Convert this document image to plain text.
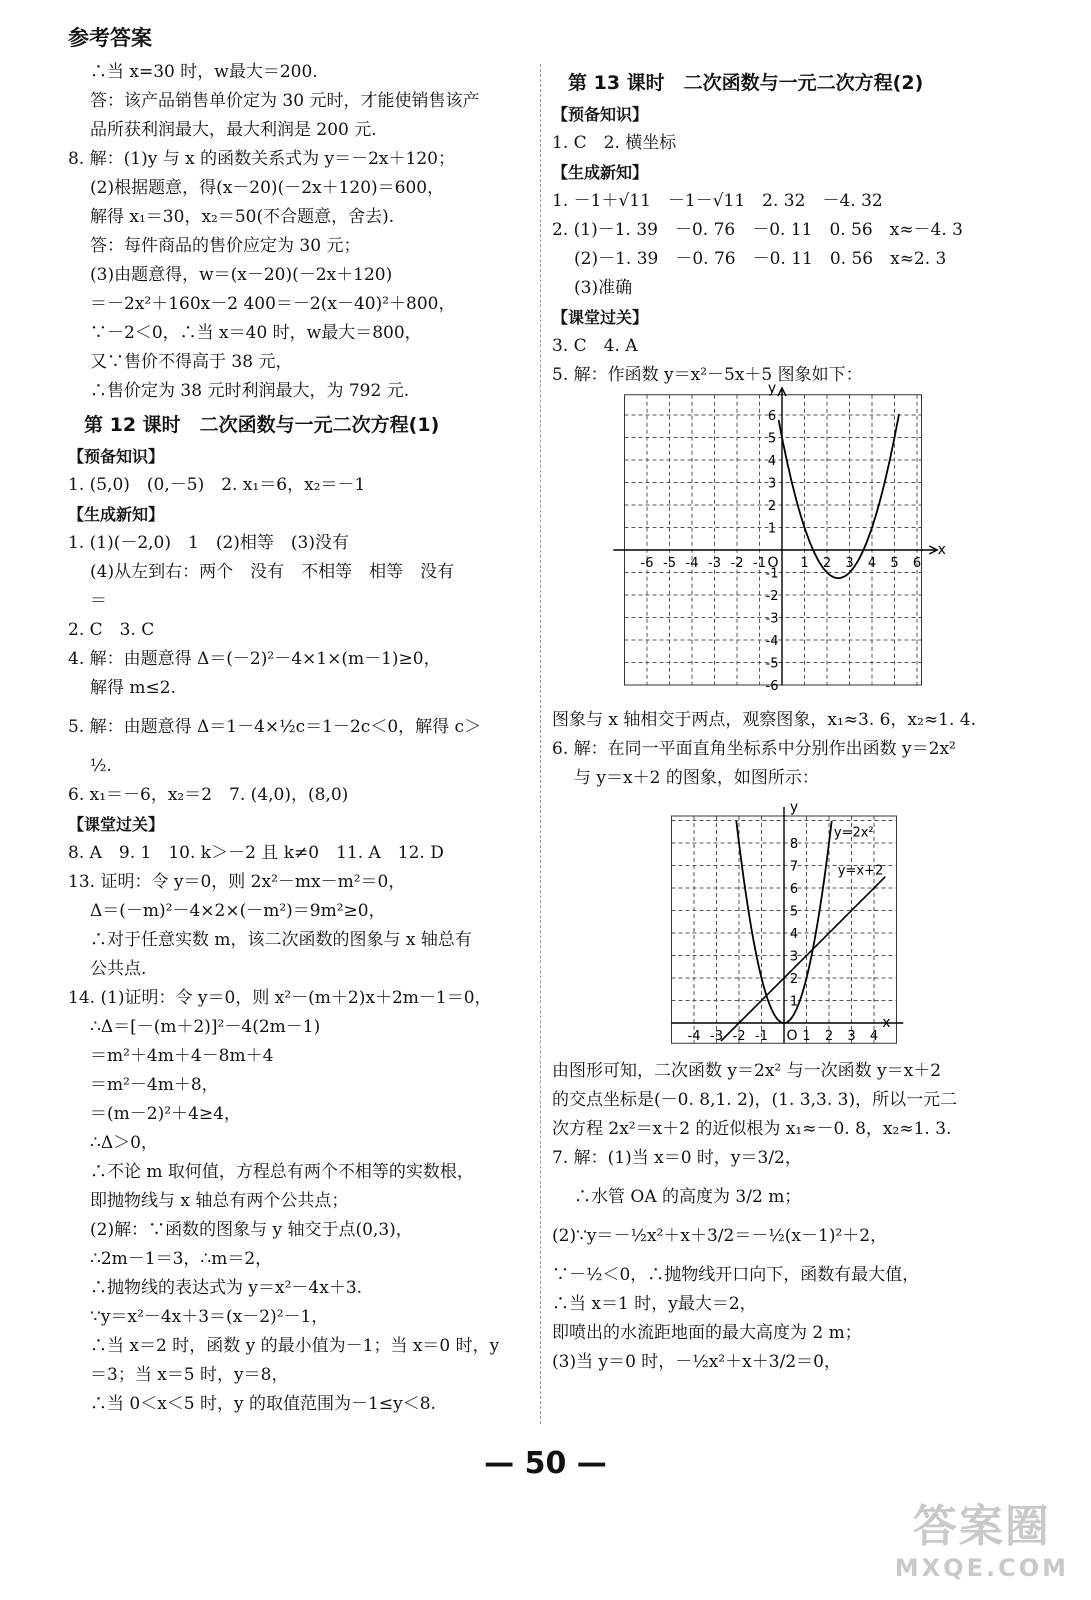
参考答案
∴当 x=30 时，w最大＝200.
答：该产品销售单价定为 30 元时，才能使销售该产
品所获利润最大，最大利润是 200 元.
8. 解：(1)y 与 x 的函数关系式为 y＝－2x＋120；
(2)根据题意，得(x－20)(－2x＋120)＝600，
解得 x₁＝30，x₂＝50(不合题意，舍去).
答：每件商品的售价应定为 30 元；
(3)由题意得，w＝(x－20)(－2x＋120)
＝－2x²＋160x－2 400＝－2(x－40)²＋800，
∵－2＜0，∴当 x＝40 时，w最大＝800，
又∵售价不得高于 38 元，
∴售价定为 38 元时利润最大，为 792 元.
第 12 课时　二次函数与一元二次方程(1)
【预备知识】
1. (5,0)　(0,－5)　2. x₁＝6，x₂＝－1
【生成新知】
1. (1)(－2,0)　1　(2)相等　(3)没有
(4)从左到右：两个　没有　不相等　相等　没有
＝
2. C　3. C
4. 解：由题意得 Δ＝(－2)²－4×1×(m－1)≥0，
解得 m≤2.
5. 解：由题意得 Δ＝1－4×½c＝1－2c＜0，解得 c＞
½.
6. x₁＝－6，x₂＝2　7. (4,0)，(8,0)
【课堂过关】
8. A　9. 1　10. k＞－2 且 k≠0　11. A　12. D
13. 证明：令 y＝0，则 2x²－mx－m²＝0，
Δ＝(－m)²－4×2×(－m²)＝9m²≥0，
∴对于任意实数 m，该二次函数的图象与 x 轴总有
公共点.
14. (1)证明：令 y＝0，则 x²－(m＋2)x＋2m－1＝0，
∴Δ＝[－(m＋2)]²－4(2m－1)
＝m²＋4m＋4－8m＋4
＝m²－4m＋8，
＝(m－2)²＋4≥4，
∴Δ＞0，
∴不论 m 取何值，方程总有两个不相等的实数根，
即抛物线与 x 轴总有两个公共点；
(2)解：∵函数的图象与 y 轴交于点(0,3)，
∴2m－1＝3，∴m＝2，
∴抛物线的表达式为 y＝x²－4x＋3.
∵y＝x²－4x＋3＝(x－2)²－1，
∴当 x＝2 时，函数 y 的最小值为－1；当 x＝0 时，y
＝3；当 x＝5 时，y＝8，
∴当 0＜x＜5 时，y 的取值范围为－1≤y＜8.
第 13 课时　二次函数与一元二次方程(2)
【预备知识】
1. C　2. 横坐标
【生成新知】
1. －1＋√11　－1－√11　2. 32　－4. 32
2. (1)－1. 39　－0. 76　－0. 11　0. 56　x≈－4. 3
(2)－1. 39　－0. 76　－0. 11　0. 56　x≈2. 3
(3)准确
【课堂过关】
3. C　4. A
5. 解：作函数 y＝x²－5x＋5 图象如下：
x
y
O
-6 -5 -4 -3 -2 -1	1 2 3 4 5 6
6
5
4
3
2
1
-1
-2
-3
-4
-5
-6
图象与 x 轴相交于两点，观察图象，x₁≈3. 6，x₂≈1. 4.
6. 解：在同一平面直角坐标系中分别作出函数 y＝2x²
与 y＝x＋2 的图象，如图所示：
x
y
O
-4 -3 -2 -1	1 2 3 4
1
2
3
4
5
6
7
8
y=2x²
y=x+2
由图形可知，二次函数 y＝2x² 与一次函数 y＝x＋2
的交点坐标是(－0. 8,1. 2)，(1. 3,3. 3)，所以一元二
次方程 2x²＝x＋2 的近似根为 x₁≈－0. 8，x₂≈1. 3.
7. 解：(1)当 x＝0 时，y＝3/2，
∴水管 OA 的高度为 3/2 m；
(2)∵y＝－½x²＋x＋3/2＝－½(x－1)²＋2，
∵－½＜0，∴抛物线开口向下，函数有最大值，
∴当 x＝1 时，y最大＝2，
即喷出的水流距地面的最大高度为 2 m；
(3)当 y＝0 时，－½x²＋x＋3/2＝0，
— 50 —
答案圈
MXQE.COM
